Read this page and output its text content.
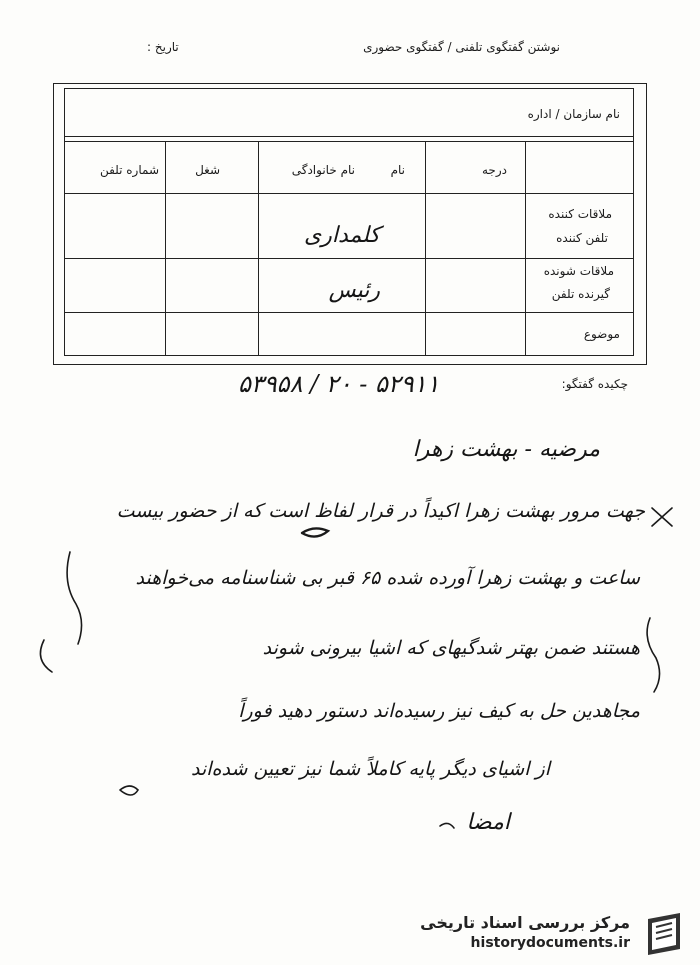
نوشتن گفتگوی تلفنی / گفتگوی حضوری
تاریخ :
نام سازمان / اداره
درجه
نام
نام خانوادگی
شغل
شماره تلفن
ملاقات کننده
تلفن کننده
ملاقات شونده
گیرنده تلفن
موضوع
کلمداری
رئیس
چکیده گفتگو:
۵۲۹۱۱ - ۲۰ / ۵۳۹۵۸
مرضیه - بهشت زهرا
جهت مرور بهشت زهرا اکیداً در قرار لفاظ است که از حضور بیست
ساعت و بهشت زهرا آورده شده ۶۵ قبر بی شناسنامه می‌خواهند
هستند ضمن بهتر شدگیهای که اشیا بیرونی شوند
مجاهدین حل به کیف نیز رسیده‌اند دستور دهید فوراً
از اشیای دیگر پایه کاملاً شما نیز تعیین شده‌اند
امضا
مرکز بررسی اسناد تاریخی
historydocuments.ir
